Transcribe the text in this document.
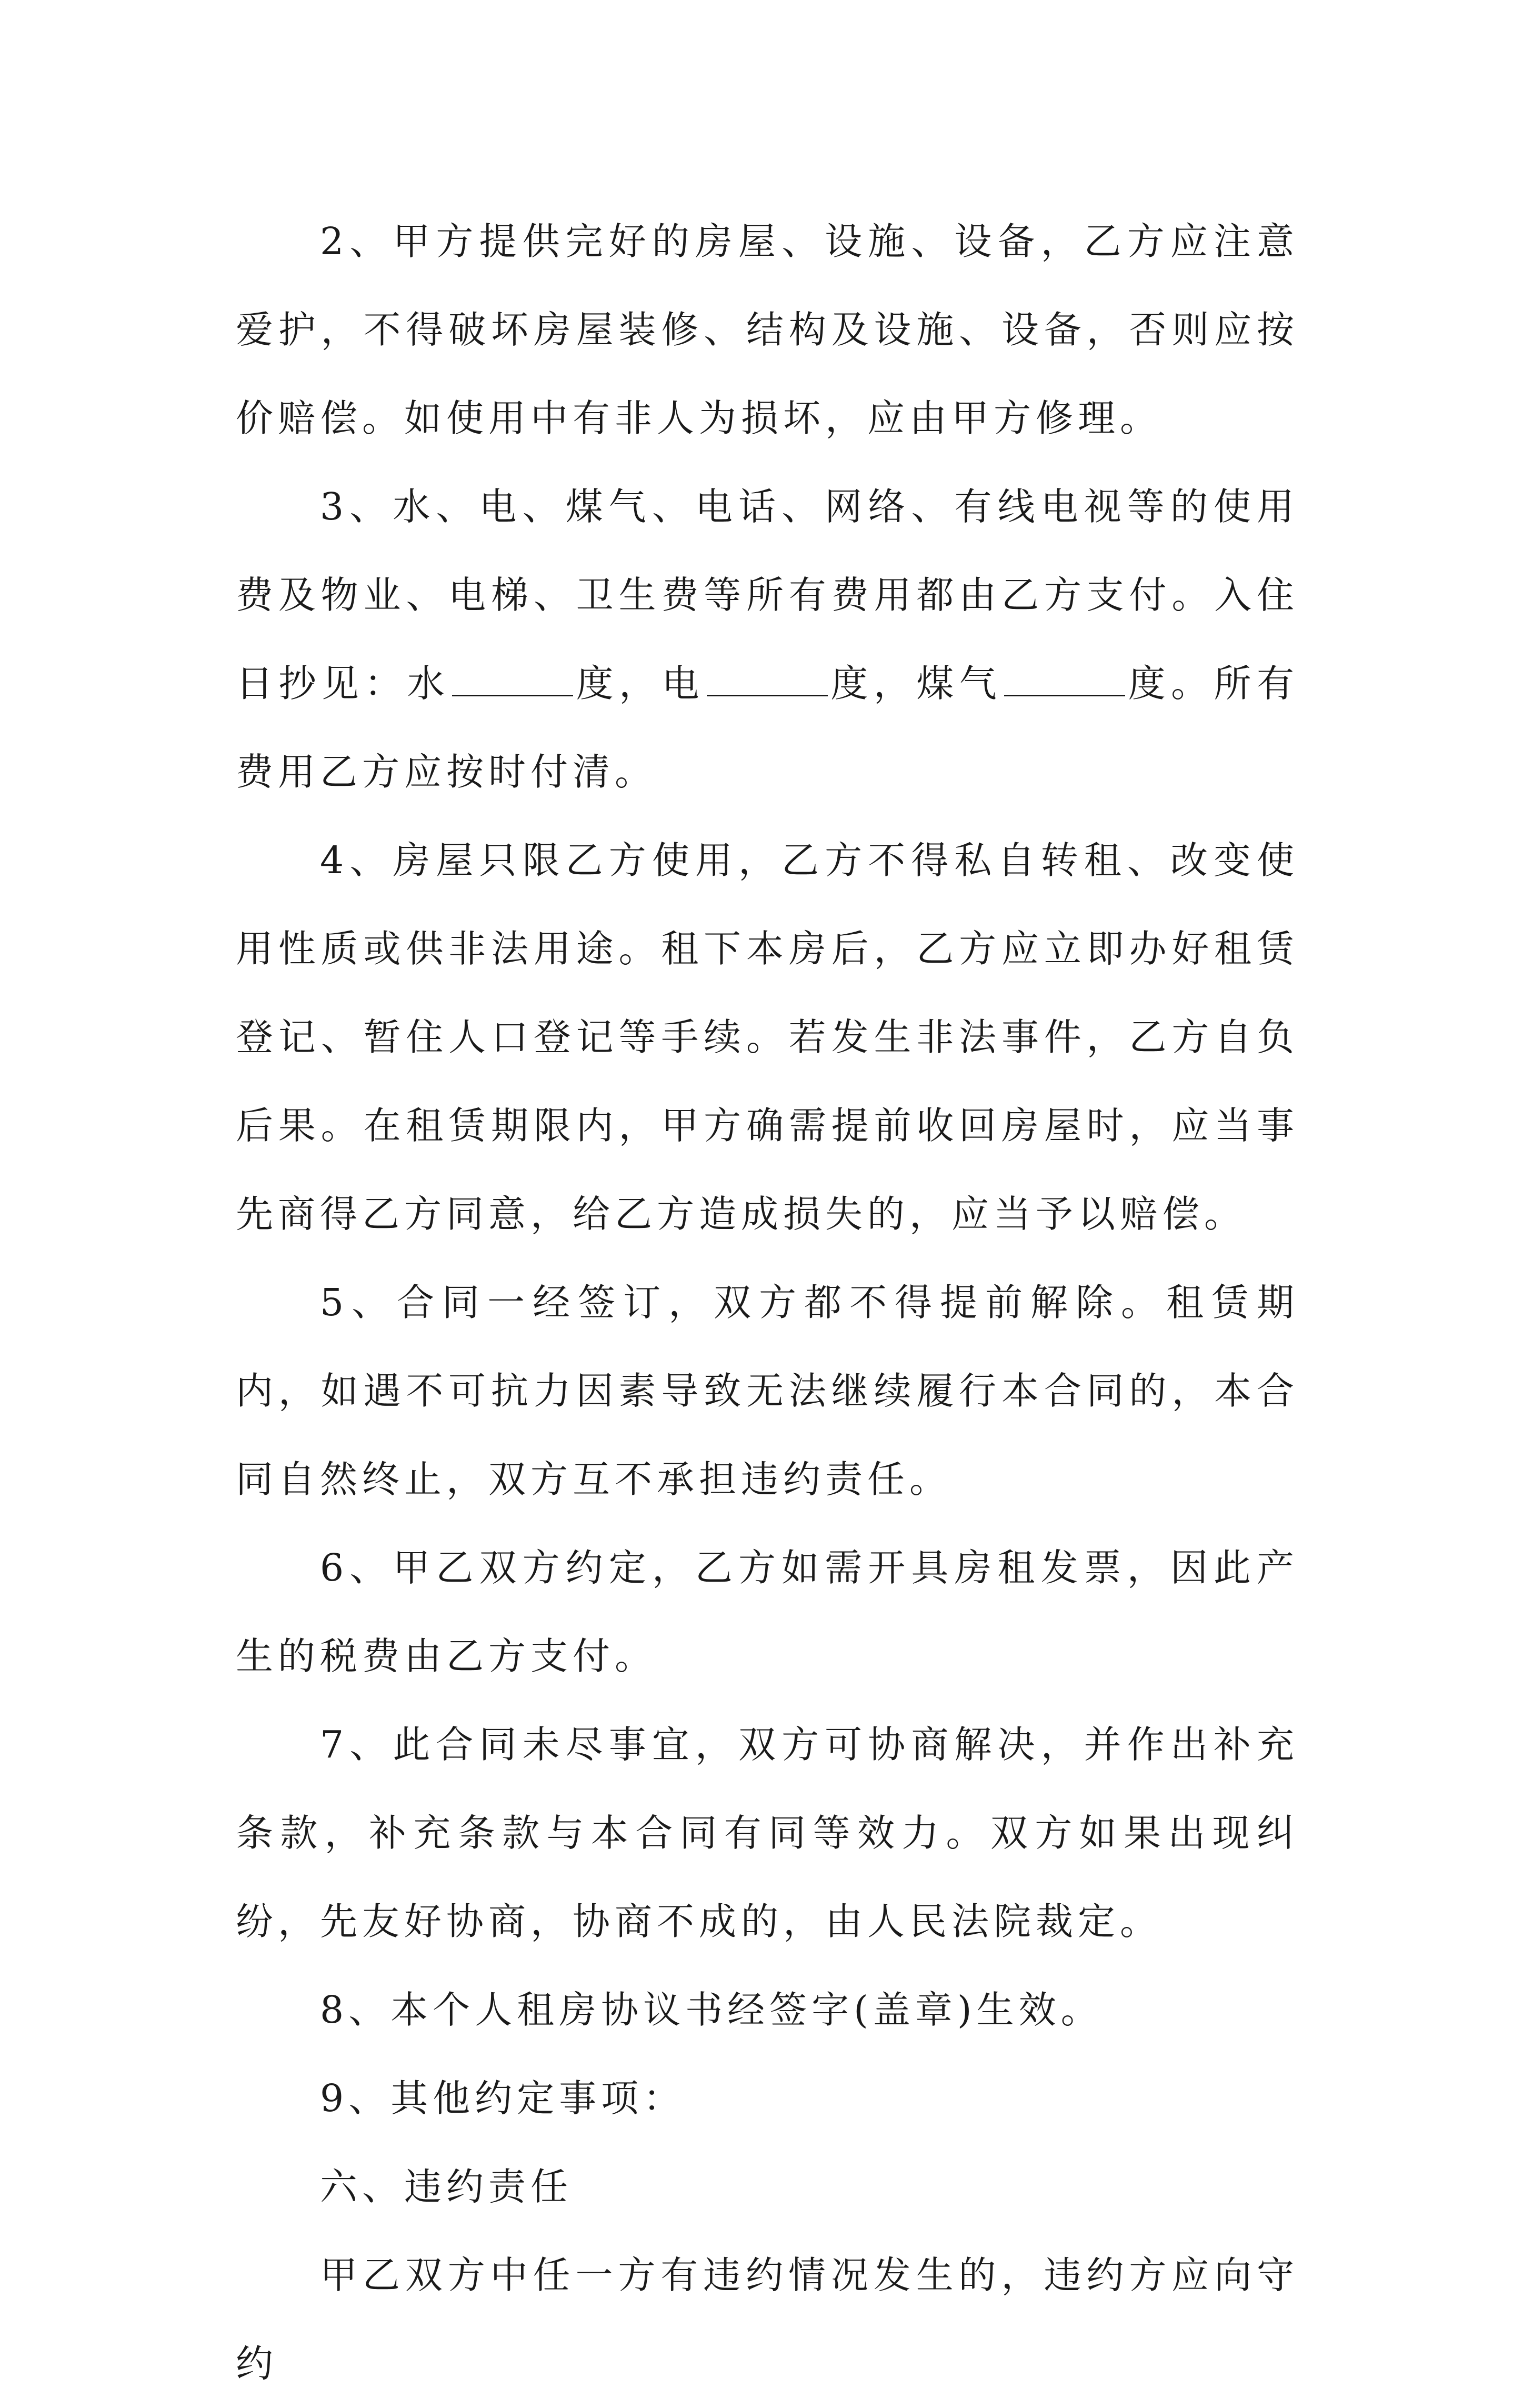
2、甲方提供完好的房屋、设施、设备，乙方应注意爱护，不得破坏房屋装修、结构及设施、设备，否则应按价赔偿。如使用中有非人为损坏，应由甲方修理。

3、水、电、煤气、电话、网络、有线电视等的使用费及物业、电梯、卫生费等所有费用都由乙方支付。入住日抄见：水	度，电	度，煤气	度。所有费用乙方应按时付清。

4、房屋只限乙方使用，乙方不得私自转租、改变使用性质或供非法用途。租下本房后，乙方应立即办好租赁登记、暂住人口登记等手续。若发生非法事件，乙方自负后果。在租赁期限内，甲方确需提前收回房屋时，应当事先商得乙方同意，给乙方造成损失的，应当予以赔偿。

5、合同一经签订，双方都不得提前解除。租赁期内，如遇不可抗力因素导致无法继续履行本合同的，本合同自然终止，双方互不承担违约责任。

6、甲乙双方约定，乙方如需开具房租发票，因此产生的税费由乙方支付。

7、此合同未尽事宜，双方可协商解决，并作出补充条款，补充条款与本合同有同等效力。双方如果出现纠纷，先友好协商，协商不成的，由人民法院裁定。

8、本个人租房协议书经签字(盖章)生效。

9、其他约定事项：

六、违约责任

甲乙双方中任一方有违约情况发生的，违约方应向守约
